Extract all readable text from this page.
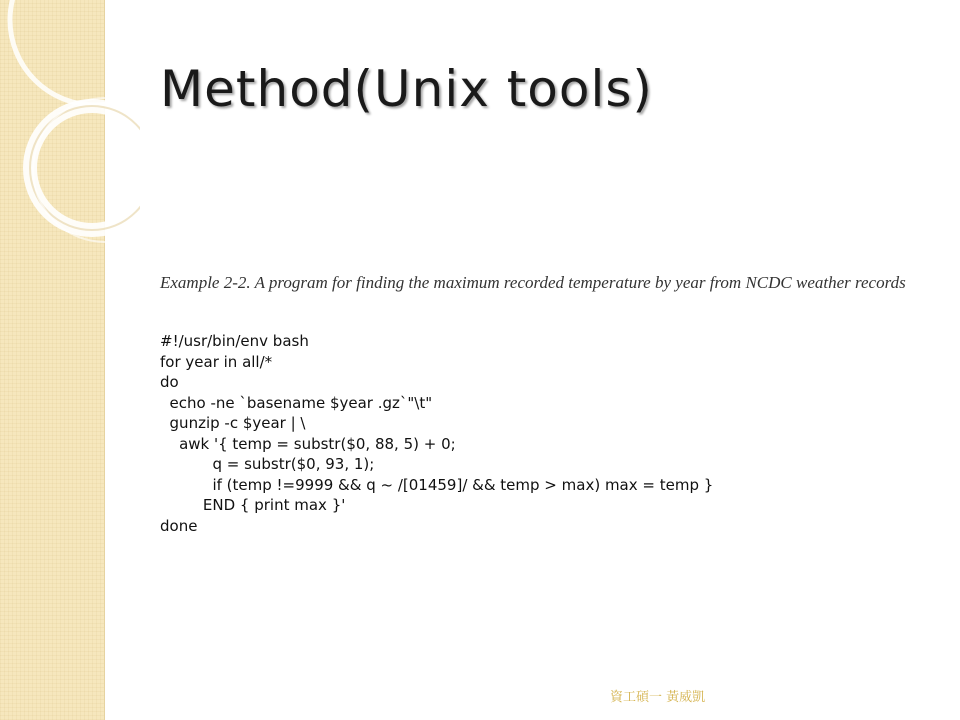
Method(Unix tools)

Example 2-2. A program for finding the maximum recorded temperature by year from NCDC weather records

#!/usr/bin/env bash
for year in all/*
do
echo -ne `basename $year .gz`"\t"
gunzip -c $year | \
awk '{ temp = substr($0, 88, 5) + 0;
q = substr($0, 93, 1);
if (temp !=9999 && q ~ /[01459]/ && temp > max) max = temp }
END { print max }'
done
資工碩一 黃威凱
